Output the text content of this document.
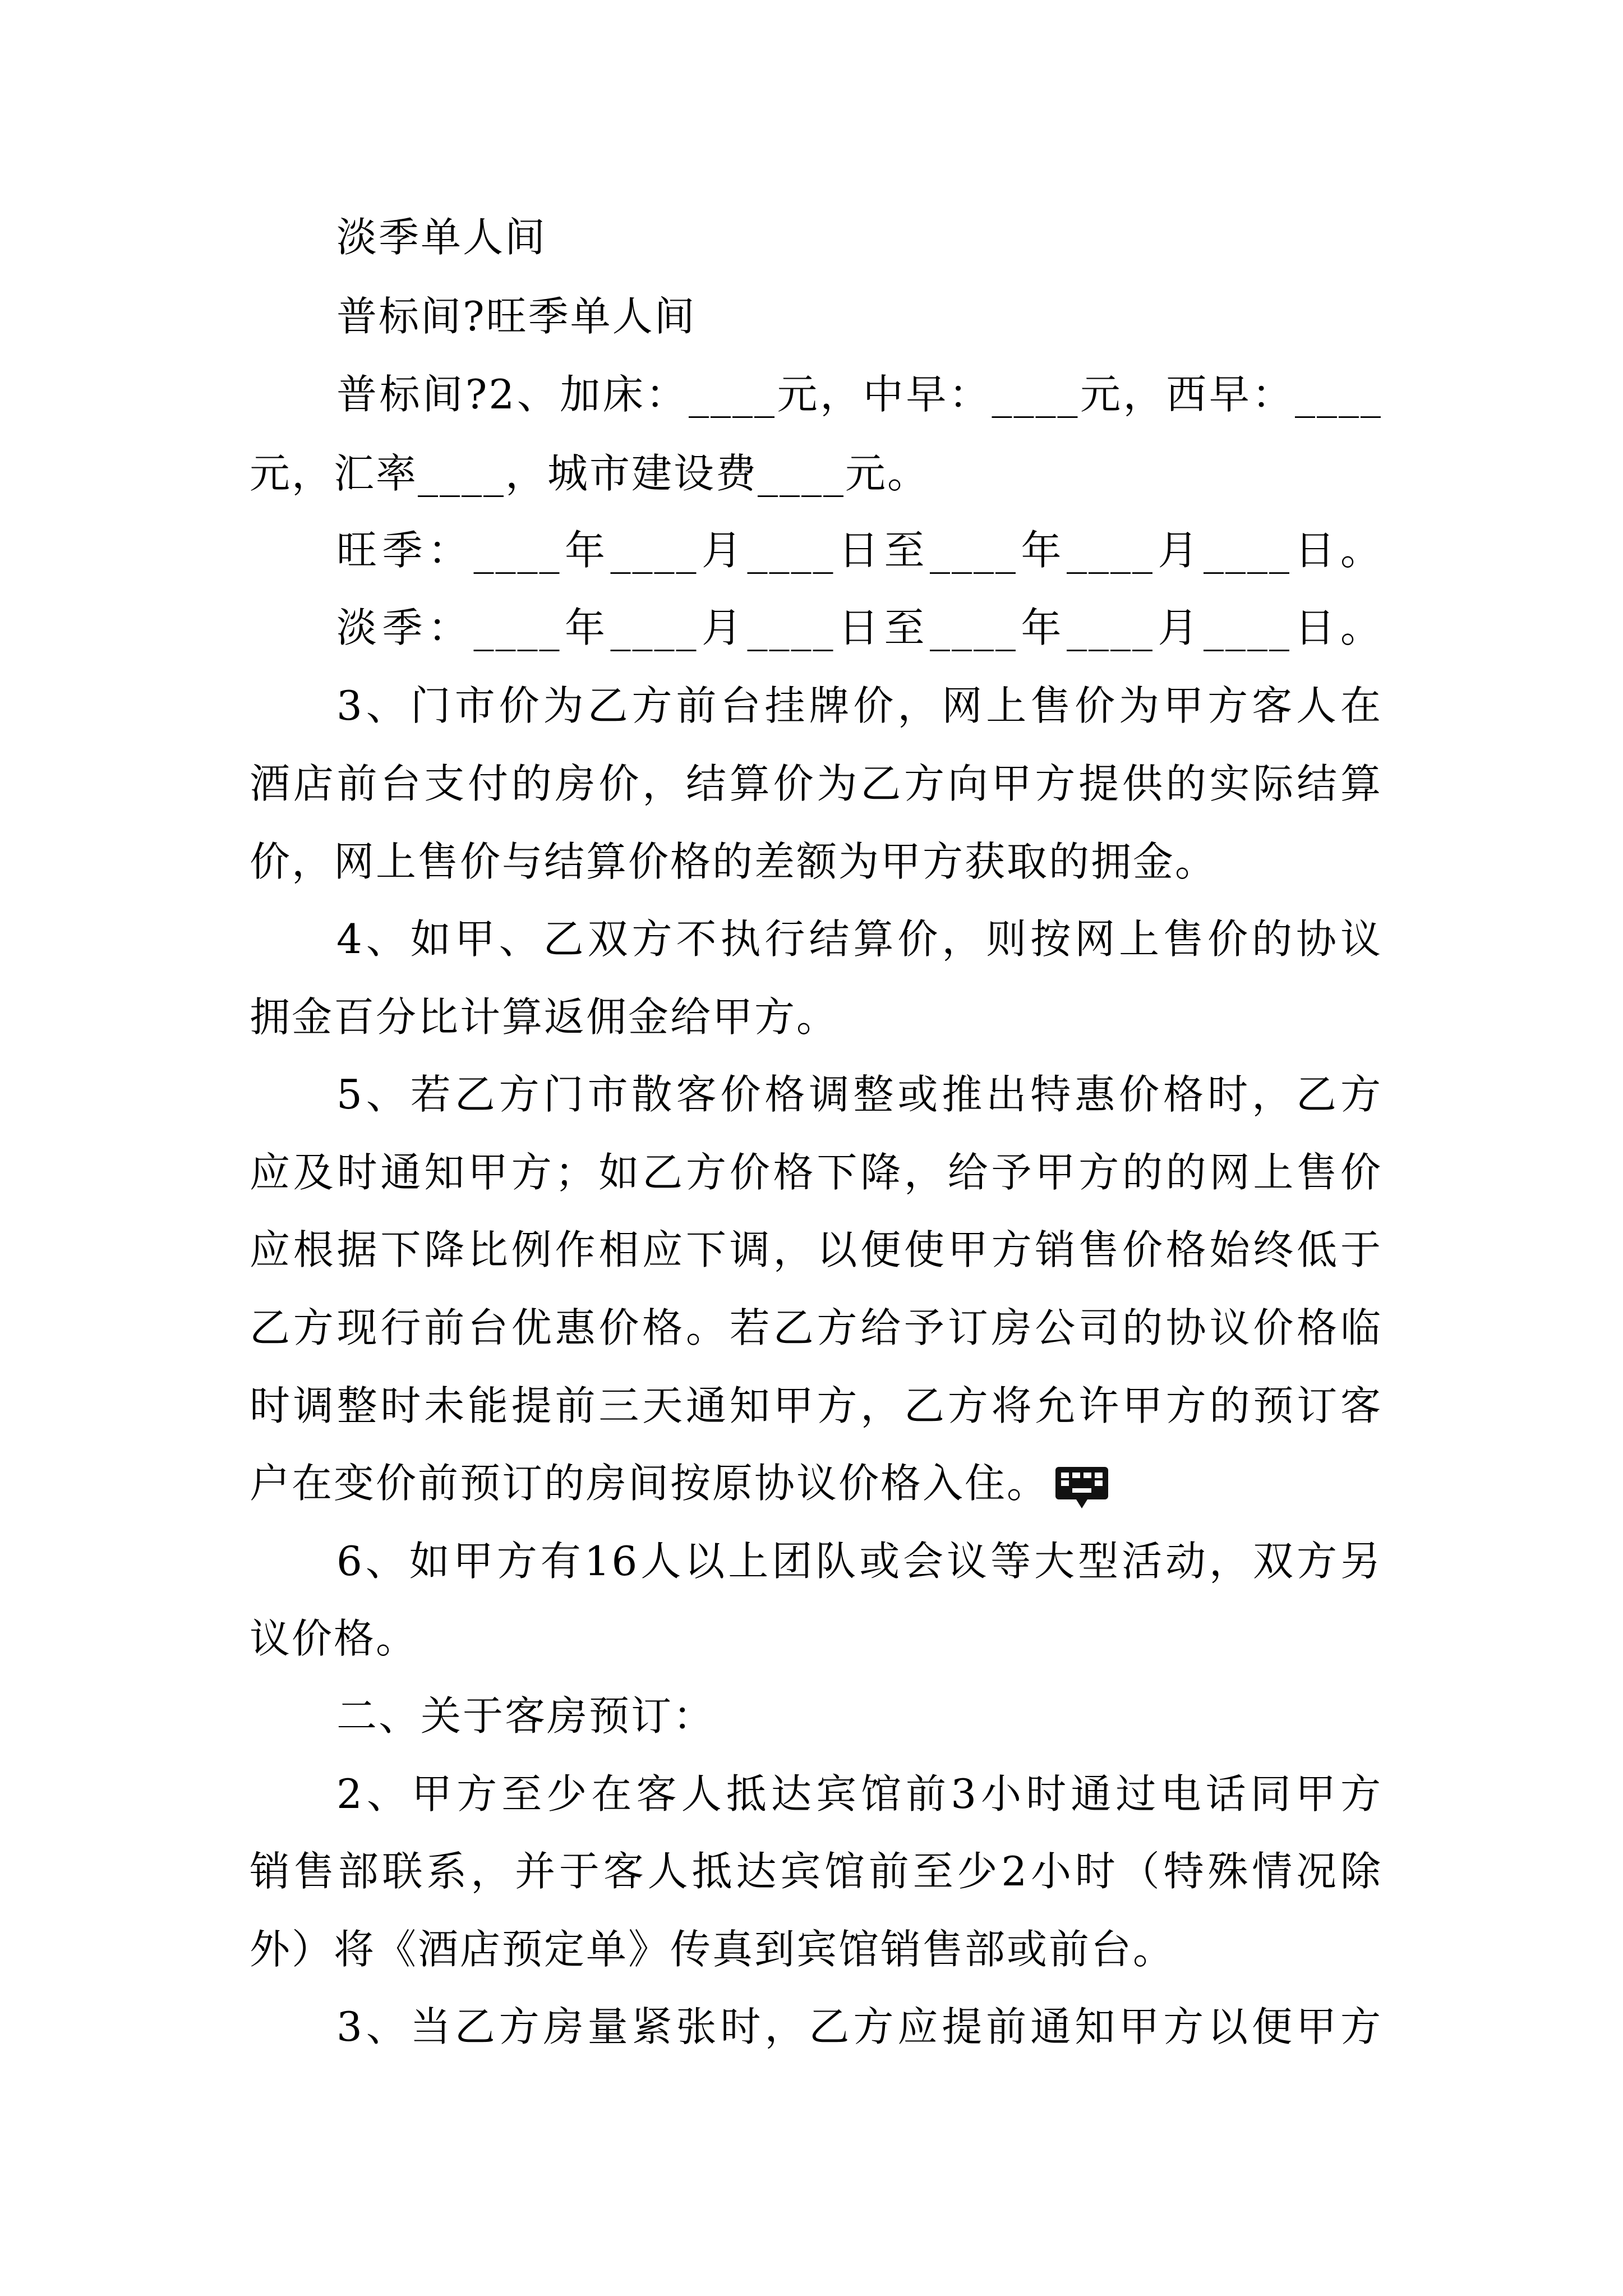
淡季单人间
普标间?旺季单人间
普标间?2、加床：____元，中早：____元，西早：____
元，汇率____，城市建设费____元。
旺季：____年____月____日至____年____月____日。
淡季：____年____月____日至____年____月____日。
3、门市价为乙方前台挂牌价，网上售价为甲方客人在
酒店前台支付的房价，结算价为乙方向甲方提供的实际结算
价，网上售价与结算价格的差额为甲方获取的拥金。
4、如甲、乙双方不执行结算价，则按网上售价的协议
拥金百分比计算返佣金给甲方。
5、若乙方门市散客价格调整或推出特惠价格时，乙方
应及时通知甲方；如乙方价格下降，给予甲方的的网上售价
应根据下降比例作相应下调，以便使甲方销售价格始终低于
乙方现行前台优惠价格。若乙方给予订房公司的协议价格临
时调整时未能提前三天通知甲方，乙方将允许甲方的预订客
户在变价前预订的房间按原协议价格入住。
6、如甲方有16人以上团队或会议等大型活动，双方另
议价格。
二、关于客房预订：
2、甲方至少在客人抵达宾馆前3小时通过电话同甲方
销售部联系，并于客人抵达宾馆前至少2小时（特殊情况除
外）将《酒店预定单》传真到宾馆销售部或前台。
3、当乙方房量紧张时，乙方应提前通知甲方以便甲方
